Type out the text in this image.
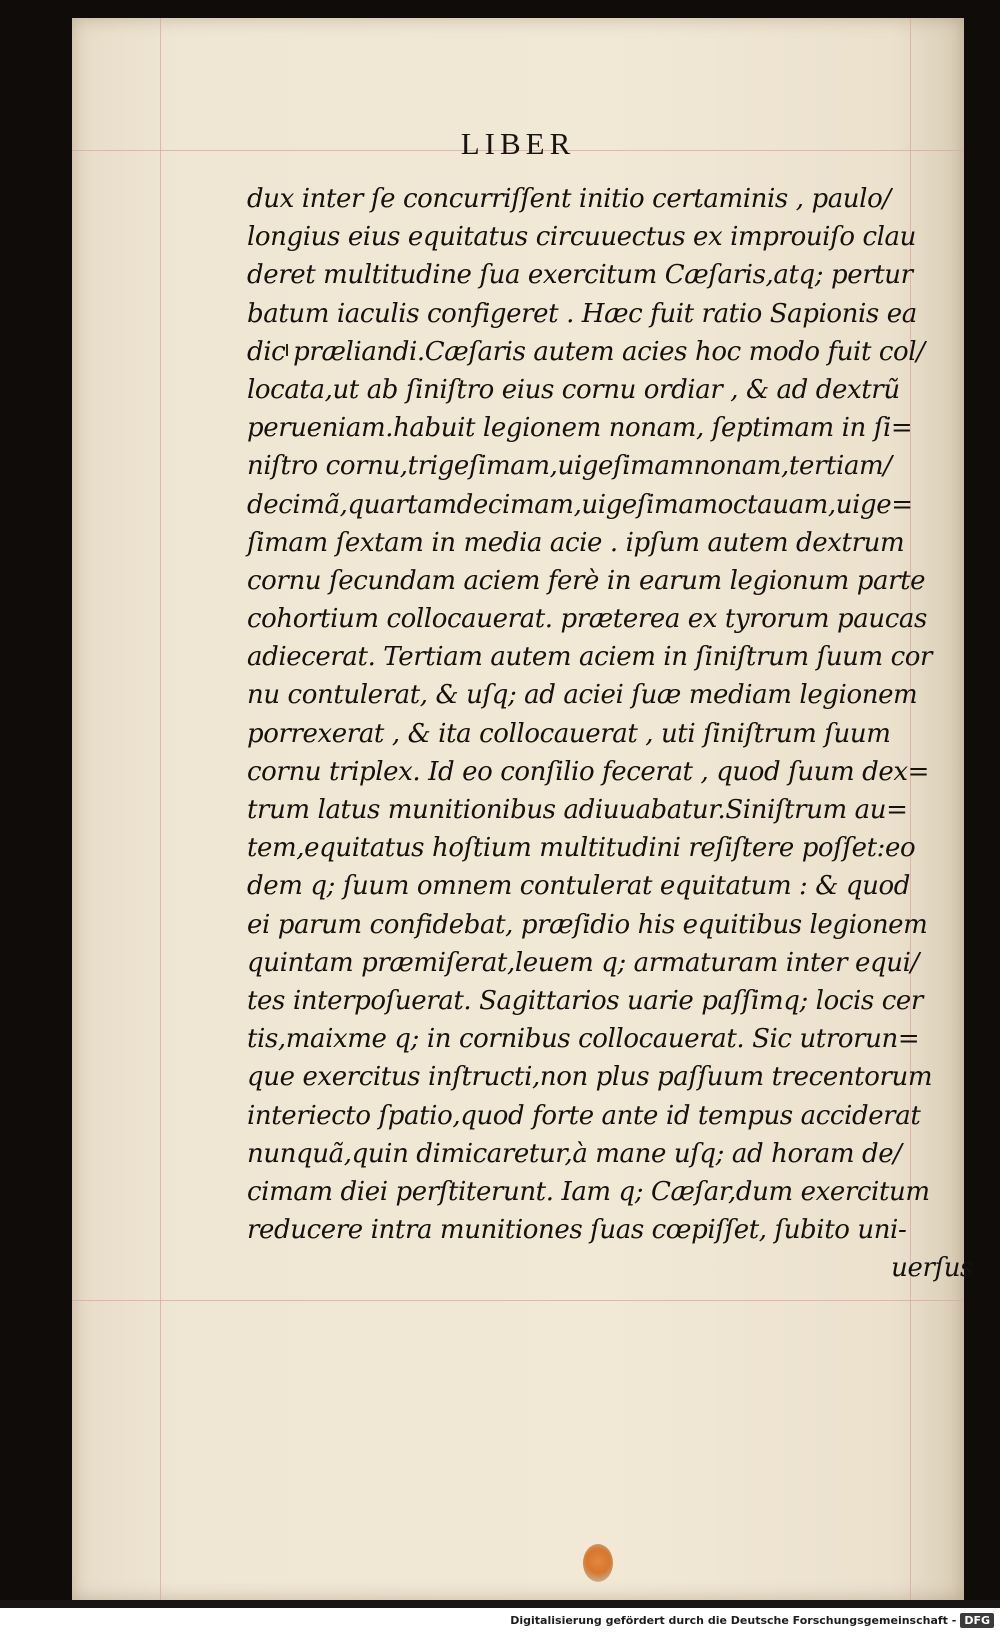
LIBER
dux inter ſe concurriſſent initio certaminis , paulo/
longius eius equitatus circuuectus ex improuiſo clau
deret multitudine ſua exercitum Cæſaris,atq; pertur
batum iaculis configeret . Hæc fuit ratio Sapionis ea
dic præliandi.Cæſaris autem acies hoc modo fuit col/
locata,ut ab ſiniſtro eius cornu ordiar , & ad dextrũ
perueniam.habuit legionem nonam, ſeptimam in ſi=
niſtro cornu,trigeſimam,uigeſimamnonam,tertiam/
decimã,quartamdecimam,uigeſimamoctauam,uige=
ſimam ſextam in media acie . ipſum autem dextrum
cornu ſecundam aciem ferè in earum legionum parte
cohortium collocauerat. præterea ex tyrorum paucas
adiecerat. Tertiam autem aciem in ſiniſtrum ſuum cor
nu contulerat, & uſq; ad aciei ſuæ mediam legionem
porrexerat , & ita collocauerat , uti ſiniſtrum ſuum
cornu triplex. Id eo conſilio fecerat , quod ſuum dex=
trum latus munitionibus adiuuabatur.Siniſtrum au=
tem,equitatus hoſtium multitudini reſiſtere poſſet:eo
dem q; ſuum omnem contulerat equitatum : & quod
ei parum confidebat, præſidio his equitibus legionem
quintam præmiſerat,leuem q; armaturam inter equi/
tes interpoſuerat. Sagittarios uarie paſſimq; locis cer
tis,maixme q; in cornibus collocauerat. Sic utrorun=
que exercitus inſtructi,non plus paſſuum trecentorum
interiecto ſpatio,quod forte ante id tempus acciderat
nunquã,quin dimicaretur,à mane uſq; ad horam de/
cimam diei perſtiterunt. Iam q; Cæſar,dum exercitum
reducere intra munitiones ſuas cœpiſſet, ſubito uni-
uerſus
Digitalisierung gefördert durch die Deutsche Forschungsgemeinschaft - DFG
